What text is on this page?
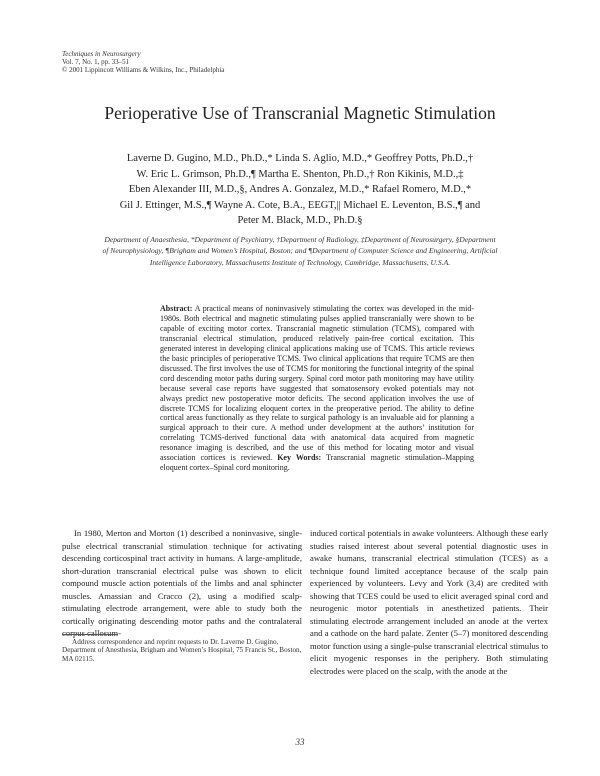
Techniques in Neurosurgery
Vol. 7, No. 1, pp. 33–51
© 2001 Lippincott Williams & Wilkins, Inc., Philadelphia
Perioperative Use of Transcranial Magnetic Stimulation
Laverne D. Gugino, M.D., Ph.D.,* Linda S. Aglio, M.D.,* Geoffrey Potts, Ph.D.,†
W. Eric L. Grimson, Ph.D.,¶ Martha E. Shenton, Ph.D.,† Ron Kikinis, M.D.,‡
Eben Alexander III, M.D.,§, Andres A. Gonzalez, M.D.,* Rafael Romero, M.D.,*
Gil J. Ettinger, M.S.,¶ Wayne A. Cote, B.A., EEGT,|| Michael E. Leventon, B.S.,¶ and
Peter M. Black, M.D., Ph.D.§
Department of Anaesthesia, *Department of Psychiatry, †Department of Radiology, ‡Department of Neurosurgery, §Department
of Neurophysiology, ¶Brigham and Women’s Hospital, Boston; and ¶Department of Computer Science and Engineering, Artificial
Intelligence Laboratory, Massachusetts Institute of Technology, Cambridge, Massachusetts, U.S.A.
Abstract: A practical means of noninvasively stimulating the cortex was developed in the mid-1980s. Both electrical and magnetic stimulating pulses applied transcranially were shown to be capable of exciting motor cortex. Transcranial magnetic stimulation (TCMS), compared with transcranial electrical stimulation, produced relatively pain-free cortical excitation. This generated interest in developing clinical applications making use of TCMS. This article reviews the basic principles of perioperative TCMS. Two clinical applications that require TCMS are then discussed. The first involves the use of TCMS for monitoring the functional integrity of the spinal cord descending motor paths during surgery. Spinal cord motor path monitoring may have utility because several case reports have suggested that somatosensory evoked potentials may not always predict new postoperative motor deficits. The second application involves the use of discrete TCMS for localizing eloquent cortex in the preoperative period. The ability to define cortical areas functionally as they relate to surgical pathology is an invaluable aid for planning a surgical approach to their cure. A method under development at the authors’ institution for correlating TCMS-derived functional data with anatomical data acquired from magnetic resonance imaging is described, and the use of this method for locating motor and visual association cortices is reviewed. Key Words: Transcranial magnetic stimulation–Mapping eloquent cortex–Spinal cord monitoring.

In 1980, Merton and Morton (1) described a noninvasive, single-pulse electrical transcranial stimulation technique for activating descending corticospinal tract activity in humans. A large-amplitude, short-duration transcranial electrical pulse was shown to elicit compound muscle action potentials of the limbs and anal sphincter muscles. Amassian and Cracco (2), using a modified scalp-stimulating electrode arrangement, were able to study both the cortically originating descending motor paths and the contralateral corpus callosum-

induced cortical potentials in awake volunteers. Although these early studies raised interest about several potential diagnostic uses in awake humans, transcranial electrical stimulation (TCES) as a technique found limited acceptance because of the scalp pain experienced by volunteers. Levy and York (3,4) are credited with showing that TCES could be used to elicit averaged spinal cord and neurogenic motor potentials in anesthetized patients. Their stimulating electrode arrangement included an anode at the vertex and a cathode on the hard palate. Zenter (5–7) monitored descending motor function using a single-pulse transcranial electrical stimulus to elicit myogenic responses in the periphery. Both stimulating electrodes were placed on the scalp, with the anode at the

Address correspondence and reprint requests to Dr. Laverne D. Gugino, Department of Anesthesia, Brigham and Women’s Hospital, 75 Francis St., Boston, MA 02115.

33
